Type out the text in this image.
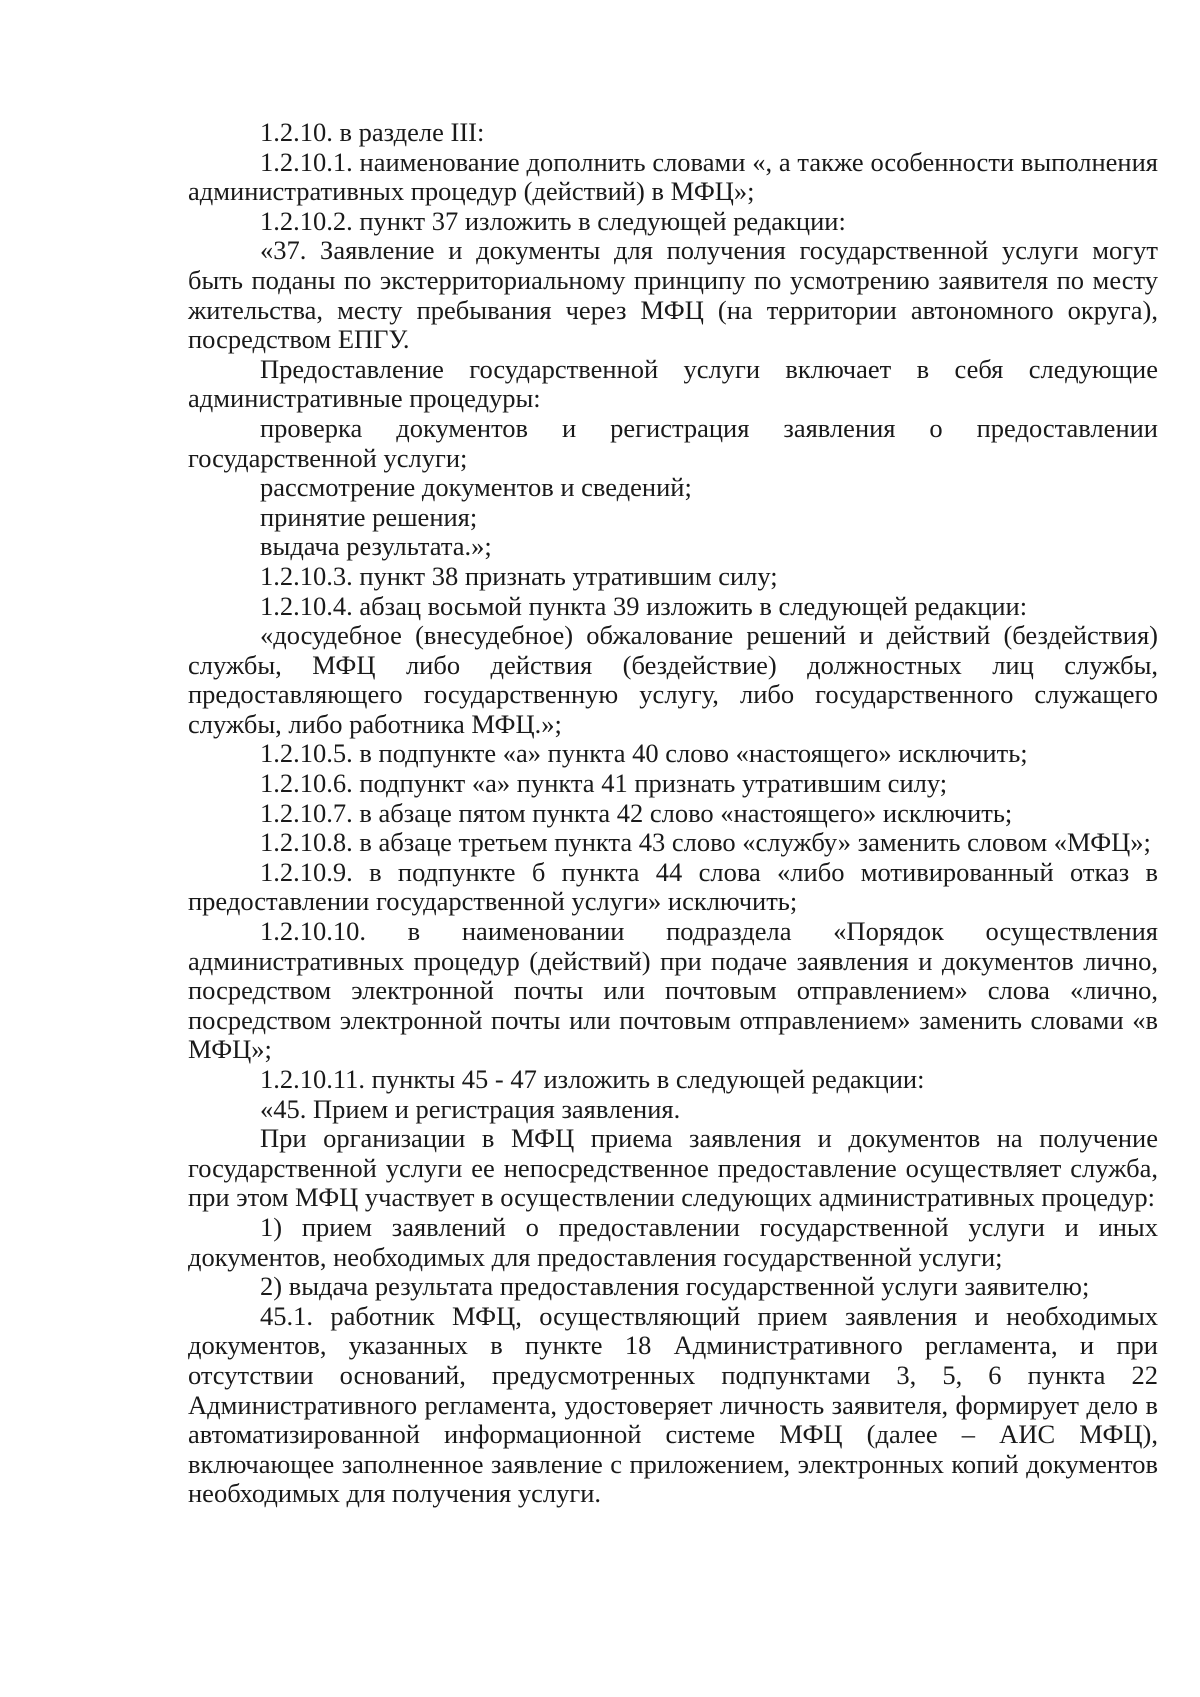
1.2.10. в разделе III:

1.2.10.1. наименование дополнить словами «, а также особенности выполнения административных процедур (действий) в МФЦ»;

1.2.10.2. пункт 37 изложить в следующей редакции:

«37. Заявление и документы для получения государственной услуги могут быть поданы по экстерриториальному принципу по усмотрению заявителя по месту жительства, месту пребывания через МФЦ (на территории автономного округа), посредством ЕПГУ.

Предоставление государственной услуги включает в себя следующие административные процедуры:

проверка документов и регистрация заявления о предоставлении государственной услуги;

рассмотрение документов и сведений;

принятие решения;

выдача результата.»;

1.2.10.3. пункт 38 признать утратившим силу;

1.2.10.4. абзац восьмой пункта 39 изложить в следующей редакции:

«досудебное (внесудебное) обжалование решений и действий (бездействия) службы, МФЦ либо действия (бездействие) должностных лиц службы, предоставляющего государственную услугу, либо государственного служащего службы, либо работника МФЦ.»;

1.2.10.5. в подпункте «а» пункта 40 слово «настоящего» исключить;

1.2.10.6. подпункт «а» пункта 41 признать утратившим силу;

1.2.10.7. в абзаце пятом пункта 42 слово «настоящего» исключить;

1.2.10.8. в абзаце третьем пункта 43 слово «службу» заменить словом «МФЦ»;

1.2.10.9. в подпункте б пункта 44 слова «либо мотивированный отказ в предоставлении государственной услуги» исключить;

1.2.10.10. в наименовании подраздела «Порядок осуществления административных процедур (действий) при подаче заявления и документов лично, посредством электронной почты или почтовым отправлением» слова «лично, посредством электронной почты или почтовым отправлением» заменить словами «в МФЦ»;

1.2.10.11. пункты 45 - 47 изложить в следующей редакции:

«45. Прием и регистрация заявления.

При организации в МФЦ приема заявления и документов на получение государственной услуги ее непосредственное предоставление осуществляет служба, при этом МФЦ участвует в осуществлении следующих административных процедур:

1) прием заявлений о предоставлении государственной услуги и иных документов, необходимых для предоставления государственной услуги;

2) выдача результата предоставления государственной услуги заявителю;

45.1. работник МФЦ, осуществляющий прием заявления и необходимых документов, указанных в пункте 18 Административного регламента, и при отсутствии оснований, предусмотренных подпунктами 3, 5, 6 пункта 22 Административного регламента, удостоверяет личность заявителя, формирует дело в автоматизированной информационной системе МФЦ (далее – АИС МФЦ), включающее заполненное заявление с приложением, электронных копий документов необходимых для получения услуги.
